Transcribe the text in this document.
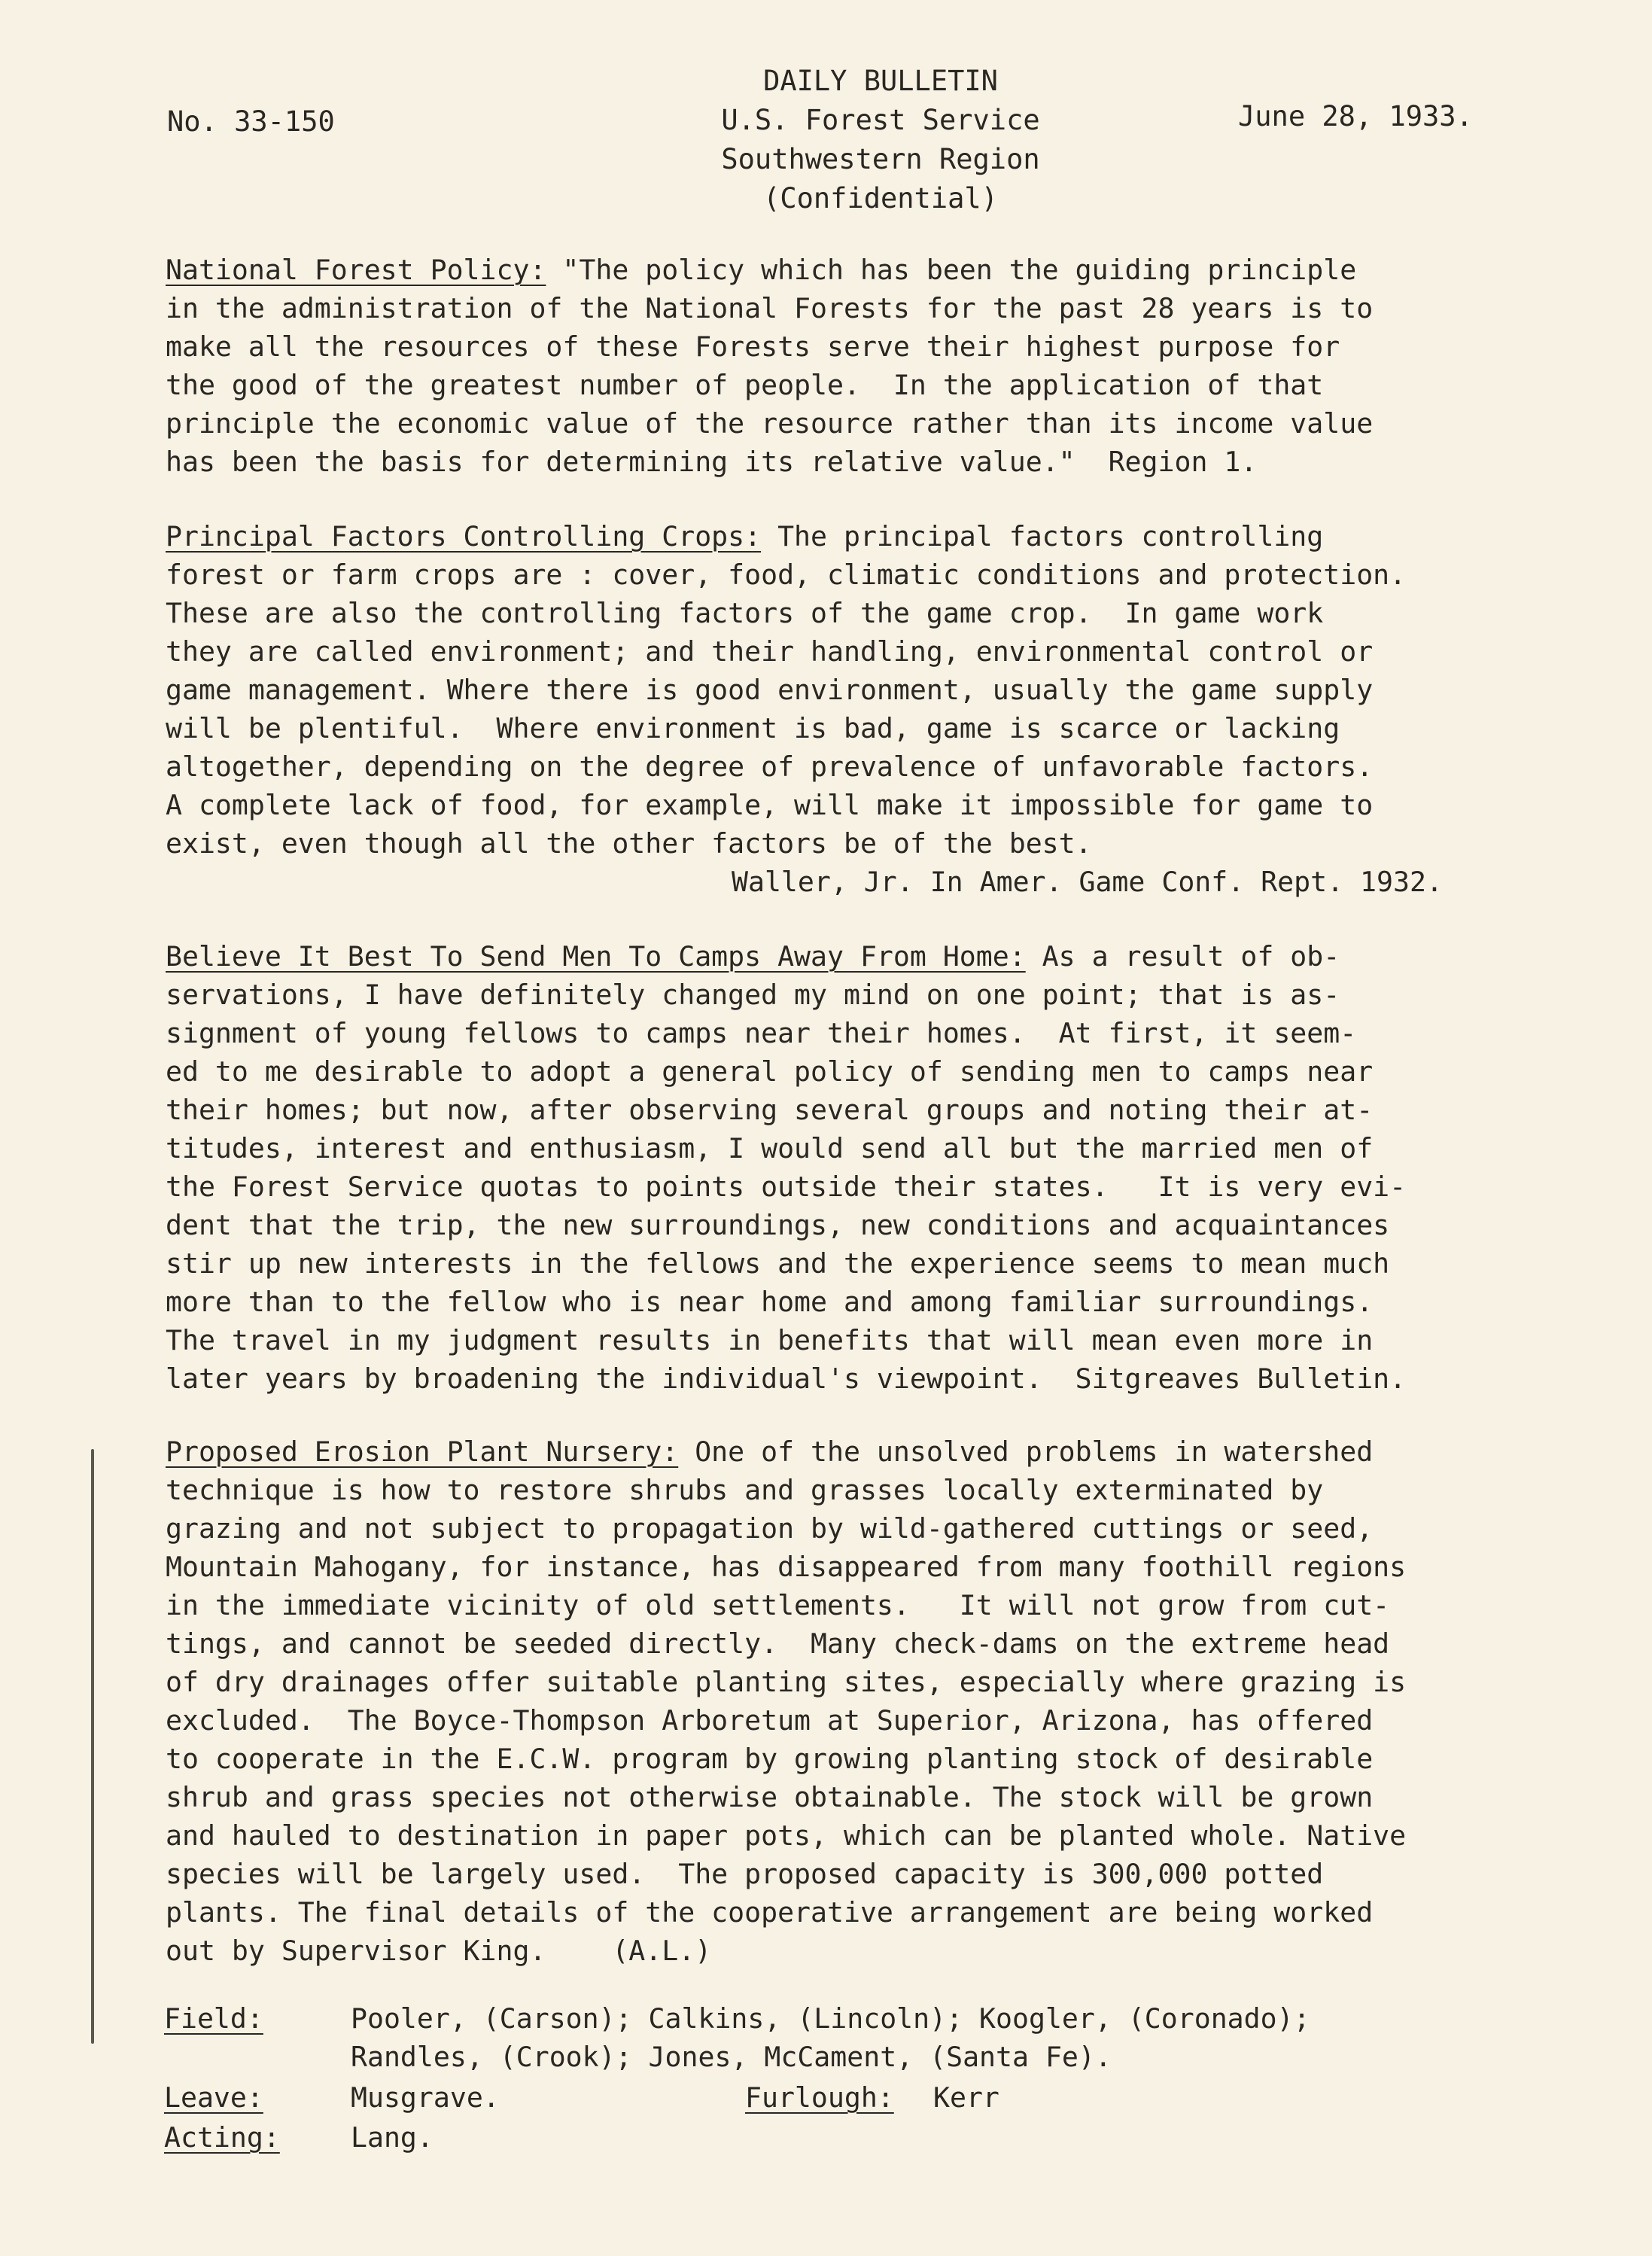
No. 33-150
DAILY BULLETIN
U.S. Forest Service
Southwestern Region
(Confidential)
June 28, 1933.
National Forest Policy: "The policy which has been the guiding principle
in the administration of the National Forests for the past 28 years is to
make all the resources of these Forests serve their highest purpose for
the good of the greatest number of people.  In the application of that
principle the economic value of the resource rather than its income value
has been the basis for determining its relative value."  Region 1.
Principal Factors Controlling Crops: The principal factors controlling
forest or farm crops are : cover, food, climatic conditions and protection.
These are also the controlling factors of the game crop.  In game work
they are called environment; and their handling, environmental control or
game management. Where there is good environment, usually the game supply
will be plentiful.  Where environment is bad, game is scarce or lacking
altogether, depending on the degree of prevalence of unfavorable factors.
A complete lack of food, for example, will make it impossible for game to
exist, even though all the other factors be of the best.
Waller, Jr. In Amer. Game Conf. Rept. 1932.
Believe It Best To Send Men To Camps Away From Home: As a result of ob-
servations, I have definitely changed my mind on one point; that is as-
signment of young fellows to camps near their homes.  At first, it seem-
ed to me desirable to adopt a general policy of sending men to camps near
their homes; but now, after observing several groups and noting their at-
titudes, interest and enthusiasm, I would send all but the married men of
the Forest Service quotas to points outside their states.   It is very evi-
dent that the trip, the new surroundings, new conditions and acquaintances
stir up new interests in the fellows and the experience seems to mean much
more than to the fellow who is near home and among familiar surroundings.
The travel in my judgment results in benefits that will mean even more in
later years by broadening the individual's viewpoint.  Sitgreaves Bulletin.
Proposed Erosion Plant Nursery: One of the unsolved problems in watershed
technique is how to restore shrubs and grasses locally exterminated by
grazing and not subject to propagation by wild-gathered cuttings or seed,
Mountain Mahogany, for instance, has disappeared from many foothill regions
in the immediate vicinity of old settlements.   It will not grow from cut-
tings, and cannot be seeded directly.  Many check-dams on the extreme head
of dry drainages offer suitable planting sites, especially where grazing is
excluded.  The Boyce-Thompson Arboretum at Superior, Arizona, has offered
to cooperate in the E.C.W. program by growing planting stock of desirable
shrub and grass species not otherwise obtainable. The stock will be grown
and hauled to destination in paper pots, which can be planted whole. Native
species will be largely used.  The proposed capacity is 300,000 potted
plants. The final details of the cooperative arrangement are being worked
out by Supervisor King.    (A.L.)
Field:	Pooler, (Carson); Calkins, (Lincoln); Koogler, (Coronado);
Randles, (Crook); Jones, McCament, (Santa Fe).
Leave:	Musgrave.	Furlough: Kerr
Acting:	Lang.
